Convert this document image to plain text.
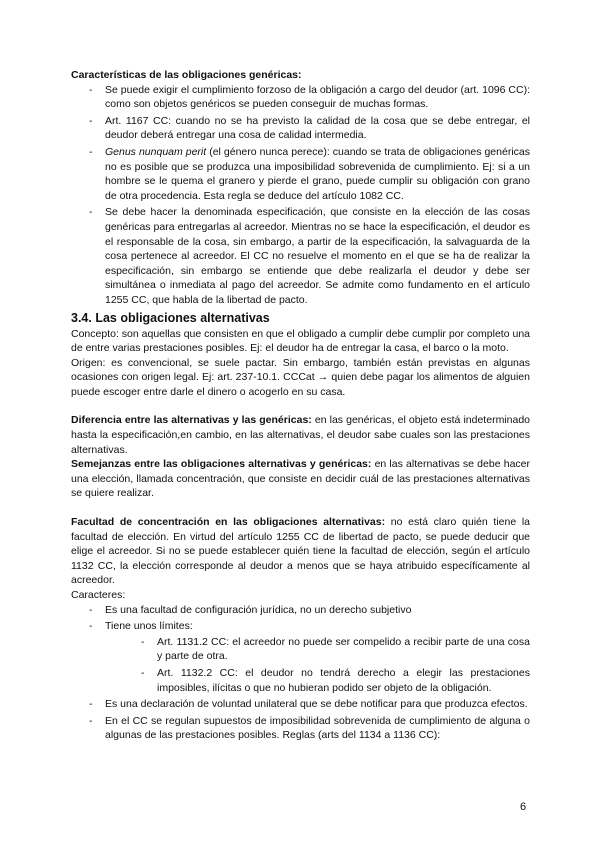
Características de las obligaciones genéricas:

- Se puede exigir el cumplimiento forzoso de la obligación a cargo del deudor (art. 1096 CC): como son objetos genéricos se pueden conseguir de muchas formas.
- Art. 1167 CC: cuando no se ha previsto la calidad de la cosa que se debe entregar, el deudor deberá entregar una cosa de calidad intermedia.
- Genus nunquam perit (el género nunca perece): cuando se trata de obligaciones genéricas no es posible que se produzca una imposibilidad sobrevenida de cumplimiento. Ej: si a un hombre se le quema el granero y pierde el grano, puede cumplir su obligación con grano de otra procedencia. Esta regla se deduce del artículo 1082 CC.
- Se debe hacer la denominada especificación, que consiste en la elección de las cosas genéricas para entregarlas al acreedor. Mientras no se hace la especificación, el deudor es el responsable de la cosa, sin embargo, a partir de la especificación, la salvaguarda de la cosa pertenece al acreedor. El CC no resuelve el momento en el que se ha de realizar la especificación, sin embargo se entiende que debe realizarla el deudor y debe ser simultánea o inmediata al pago del acreedor. Se admite como fundamento en el artículo 1255 CC, que habla de la libertad de pacto.
3.4. Las obligaciones alternativas

Concepto: son aquellas que consisten en que el obligado a cumplir debe cumplir por completo una de entre varias prestaciones posibles. Ej: el deudor ha de entregar la casa, el barco o la moto.

Origen: es convencional, se suele pactar. Sin embargo, también están previstas en algunas ocasiones con origen legal. Ej: art. 237-10.1. CCCat → quien debe pagar los alimentos de alguien puede escoger entre darle el dinero o acogerlo en su casa.

Diferencia entre las alternativas y las genéricas: en las genéricas, el objeto está indeterminado hasta la especificación,en cambio, en las alternativas, el deudor sabe cuales son las prestaciones alternativas.

Semejanzas entre las obligaciones alternativas y genéricas: en las alternativas se debe hacer una elección, llamada concentración, que consiste en decidir cuál de las prestaciones alternativas se quiere realizar.

Facultad de concentración en las obligaciones alternativas: no está claro quién tiene la facultad de elección. En virtud del artículo 1255 CC de libertad de pacto, se puede deducir que elige el acreedor. Si no se puede establecer quién tiene la facultad de elección, según el artículo 1132 CC, la elección corresponde al deudor a menos que se haya atribuido específicamente al acreedor.

Caracteres:

- Es una facultad de configuración jurídica, no un derecho subjetivo
- Tiene unos límites:
- Art. 1131.2 CC: el acreedor no puede ser compelido a recibir parte de una cosa y parte de otra.
- Art. 1132.2 CC: el deudor no tendrá derecho a elegir las prestaciones imposibles, ilícitas o que no hubieran podido ser objeto de la obligación.
- Es una declaración de voluntad unilateral que se debe notificar para que produzca efectos.
- En el CC se regulan supuestos de imposibilidad sobrevenida de cumplimiento de alguna o algunas de las prestaciones posibles. Reglas (arts del 1134 a 1136 CC):
6
